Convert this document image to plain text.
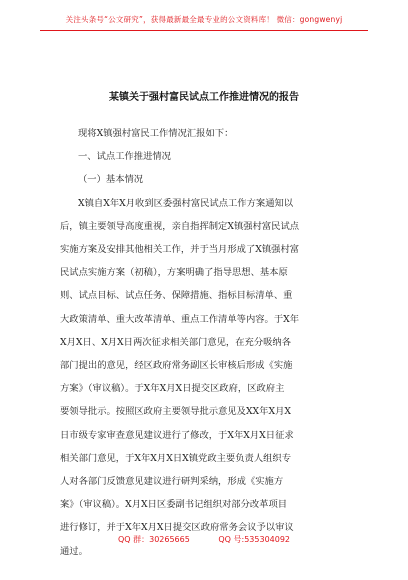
关注头条号“公文研究”，获得最新最全最专业的公文资料库！ 微信：gongwenyj
某镇关于强村富民试点工作推进情况的报告
现将X镇强村富民工作情况汇报如下：
一、试点工作推进情况
（一）基本情况
X镇自X年X月收到区委强村富民试点工作方案通知以
后，镇主要领导高度重视，亲自指挥制定X镇强村富民试点
实施方案及安排其他相关工作，并于当月形成了X镇强村富
民试点实施方案（初稿），方案明确了指导思想、基本原
则、试点目标、试点任务、保障措施、指标目标清单、重
大政策清单、重大改革清单、重点工作清单等内容。于X年
X月X日、X月X日两次征求相关部门意见，在充分吸纳各
部门提出的意见，经区政府常务副区长审核后形成《实施
方案》（审议稿）。于X年X月X日提交区政府，区政府主
要领导批示。按照区政府主要领导批示意见及XX年X月X
日市级专家审查意见建议进行了修改，于X年X月X日征求
相关部门意见，于X年X月X日X镇党政主要负责人组织专
人对各部门反馈意见建议进行研判采纳，形成《实施方
案》（审议稿）。X月X日区委副书记组织对部分改革项目
进行修订，并于X年X月X日提交区政府常务会议予以审议
通过。
QQ 群：30265665	QQ 号:535304092
